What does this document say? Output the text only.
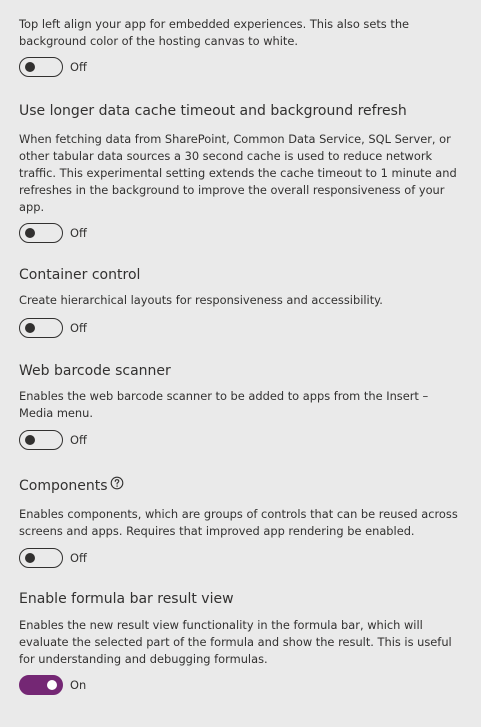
Top left align your app for embedded experiences. This also sets the background color of the hosting canvas to white.
Off
Use longer data cache timeout and background refresh
When fetching data from SharePoint, Common Data Service, SQL Server, or other tabular data sources a 30 second cache is used to reduce network traffic. This experimental setting extends the cache timeout to 1 minute and refreshes in the background to improve the overall responsiveness of your app.
Off
Container control
Create hierarchical layouts for responsiveness and accessibility.
Off
Web barcode scanner
Enables the web barcode scanner to be added to apps from the Insert – Media menu.
Off
Components
Enables components, which are groups of controls that can be reused across screens and apps. Requires that improved app rendering be enabled.
Off
Enable formula bar result view
Enables the new result view functionality in the formula bar, which will evaluate the selected part of the formula and show the result. This is useful for understanding and debugging formulas.
On
